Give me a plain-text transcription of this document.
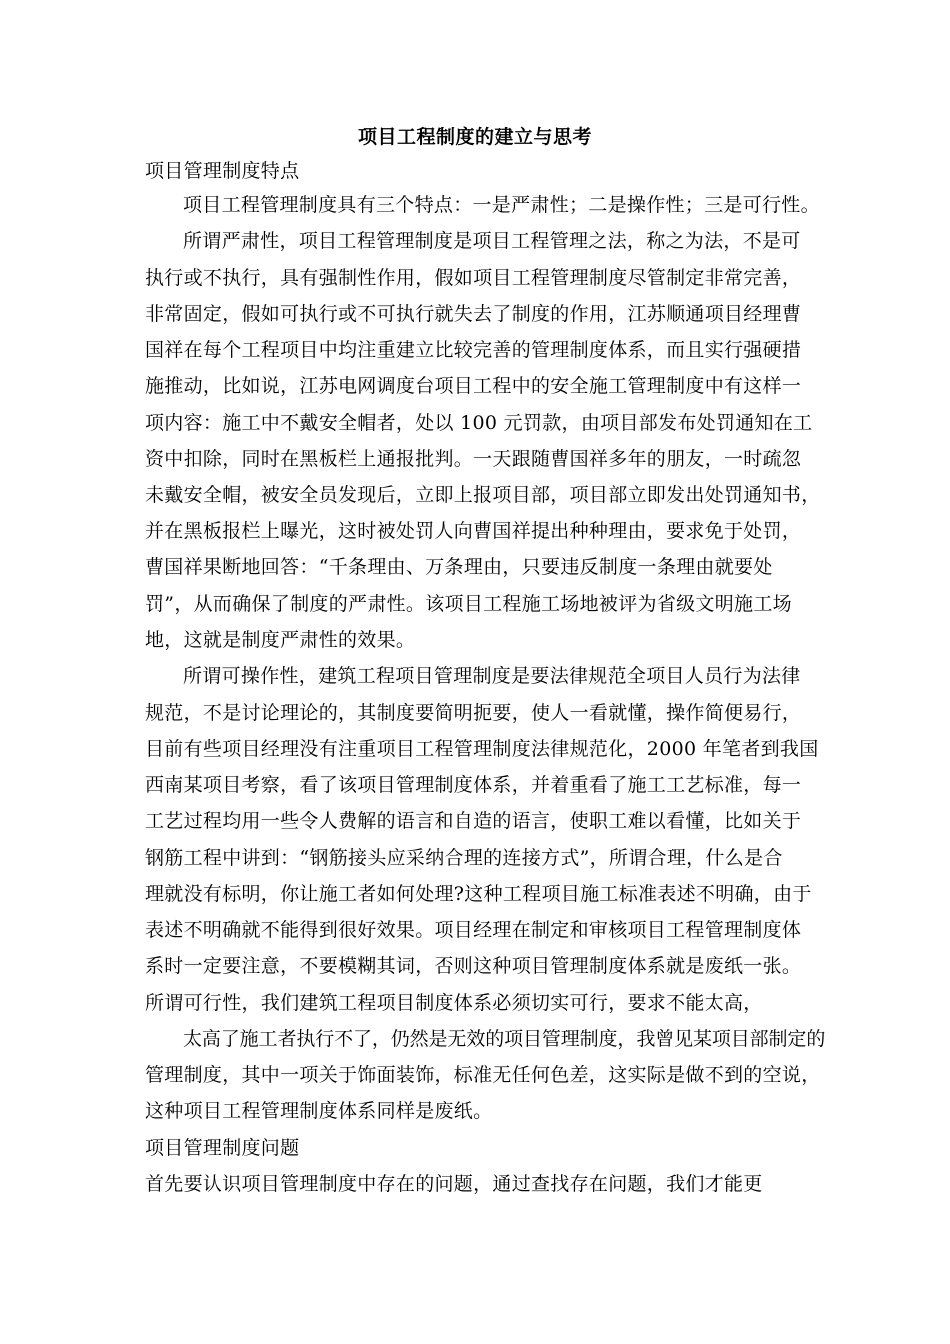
项目工程制度的建立与思考
项目管理制度特点
项目工程管理制度具有三个特点：一是严肃性；二是操作性；三是可行性。
所谓严肃性，项目工程管理制度是项目工程管理之法，称之为法，不是可
执行或不执行，具有强制性作用，假如项目工程管理制度尽管制定非常完善，
非常固定，假如可执行或不可执行就失去了制度的作用，江苏顺通项目经理曹
国祥在每个工程项目中均注重建立比较完善的管理制度体系，而且实行强硬措
施推动，比如说，江苏电网调度台项目工程中的安全施工管理制度中有这样一
项内容：施工中不戴安全帽者，处以 100 元罚款，由项目部发布处罚通知在工
资中扣除，同时在黑板栏上通报批判。一天跟随曹国祥多年的朋友，一时疏忽
未戴安全帽，被安全员发现后，立即上报项目部，项目部立即发出处罚通知书，
并在黑板报栏上曝光，这时被处罚人向曹国祥提出种种理由，要求免于处罚，
曹国祥果断地回答：“千条理由、万条理由，只要违反制度一条理由就要处
罚”，从而确保了制度的严肃性。该项目工程施工场地被评为省级文明施工场
地，这就是制度严肃性的效果。
所谓可操作性，建筑工程项目管理制度是要法律规范全项目人员行为法律
规范，不是讨论理论的，其制度要简明扼要，使人一看就懂，操作简便易行，
目前有些项目经理没有注重项目工程管理制度法律规范化，2000 年笔者到我国
西南某项目考察，看了该项目管理制度体系，并着重看了施工工艺标准，每一
工艺过程均用一些令人费解的语言和自造的语言，使职工难以看懂，比如关于
钢筋工程中讲到：“钢筋接头应采纳合理的连接方式”，所谓合理，什么是合
理就没有标明，你让施工者如何处理?这种工程项目施工标准表述不明确，由于
表述不明确就不能得到很好效果。项目经理在制定和审核项目工程管理制度体
系时一定要注意，不要模糊其词，否则这种项目管理制度体系就是废纸一张。
所谓可行性，我们建筑工程项目制度体系必须切实可行，要求不能太高，
太高了施工者执行不了，仍然是无效的项目管理制度，我曾见某项目部制定的
管理制度，其中一项关于饰面装饰，标准无任何色差，这实际是做不到的空说，
这种项目工程管理制度体系同样是废纸。
项目管理制度问题
首先要认识项目管理制度中存在的问题，通过查找存在问题，我们才能更
